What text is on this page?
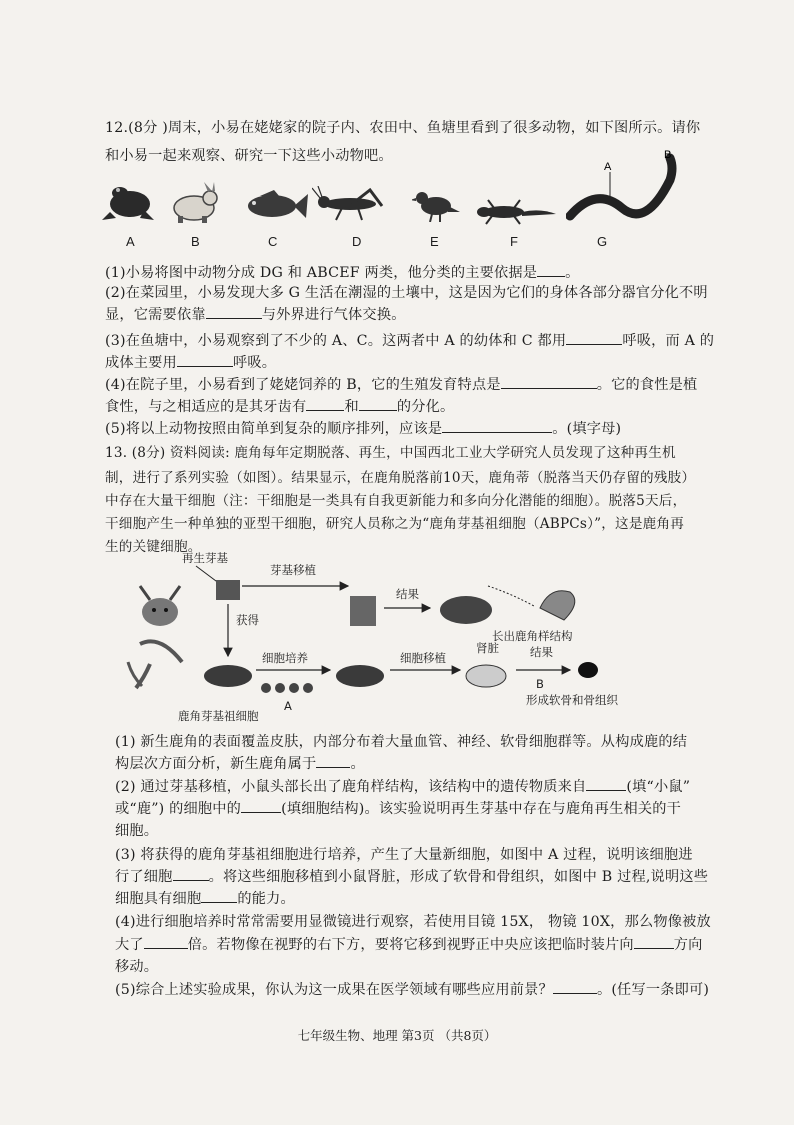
12.(8分 )周末，小易在姥姥家的院子内、农田中、鱼塘里看到了很多动物，如下图所示。请你
和小易一起来观察、研究一下这些小动物吧。
A
B
A	B	C	D	E	F	G
(1)小易将图中动物分成 DG 和 ABCEF 两类，他分类的主要依据是 。
(2)在菜园里，小易发现大多 G 生活在潮湿的土壤中，这是因为它们的身体各部分器官分化不明
显，它需要依靠	与外界进行气体交换。
(3)在鱼塘中，小易观察到了不少的 A、C。这两者中 A 的幼体和 C 都用	呼吸，而 A 的
成体主要用	呼吸。
(4)在院子里，小易看到了姥姥饲养的 B，它的生殖发育特点是	。它的食性是植
食性，与之相适应的是其牙齿有	和	的分化。
(5)将以上动物按照由简单到复杂的顺序排列，应该是	。(填字母)
13. (8分) 资料阅读: 鹿角每年定期脱落、再生，中国西北工业大学研究人员发现了这种再生机
制，进行了系列实验（如图）。结果显示，在鹿角脱落前10天，鹿角蒂（脱落当天仍存留的残肢）
中存在大量干细胞（注：干细胞是一类具有自我更新能力和多向分化潜能的细胞）。脱落5天后，
干细胞产生一种单独的亚型干细胞，研究人员称之为“鹿角芽基祖细胞（ABPCs）”，这是鹿角再
生的关键细胞。
再生芽基
芽基移植
结果
长出鹿角样结构
获得
细胞培养
A
细胞移植
肾脏	结果
B
鹿角芽基祖细胞
形成软骨和骨组织
(1) 新生鹿角的表面覆盖皮肤，内部分布着大量血管、神经、软骨细胞群等。从构成鹿的结
构层次方面分析，新生鹿角属于 。
(2) 通过芽基移植，小鼠头部长出了鹿角样结构，该结构中的遗传物质来自	(填“小鼠”
或“鹿”) 的细胞中的	(填细胞结构)。该实验说明再生芽基中存在与鹿角再生相关的干
细胞。
(3) 将获得的鹿角芽基祖细胞进行培养，产生了大量新细胞，如图中 A 过程，说明该细胞进
行了细胞	。将这些细胞移植到小鼠肾脏，形成了软骨和骨组织，如图中 B 过程,说明这些
细胞具有细胞	的能力。
(4)进行细胞培养时常常需要用显微镜进行观察，若使用目镜 15X， 物镜 10X，那么物像被放
大了	倍。若物像在视野的右下方，要将它移到视野正中央应该把临时装片向	方向
移动。
(5)综合上述实验成果，你认为这一成果在医学领域有哪些应用前景？	。(任写一条即可)
七年级生物、地理 第3页 （共8页）
